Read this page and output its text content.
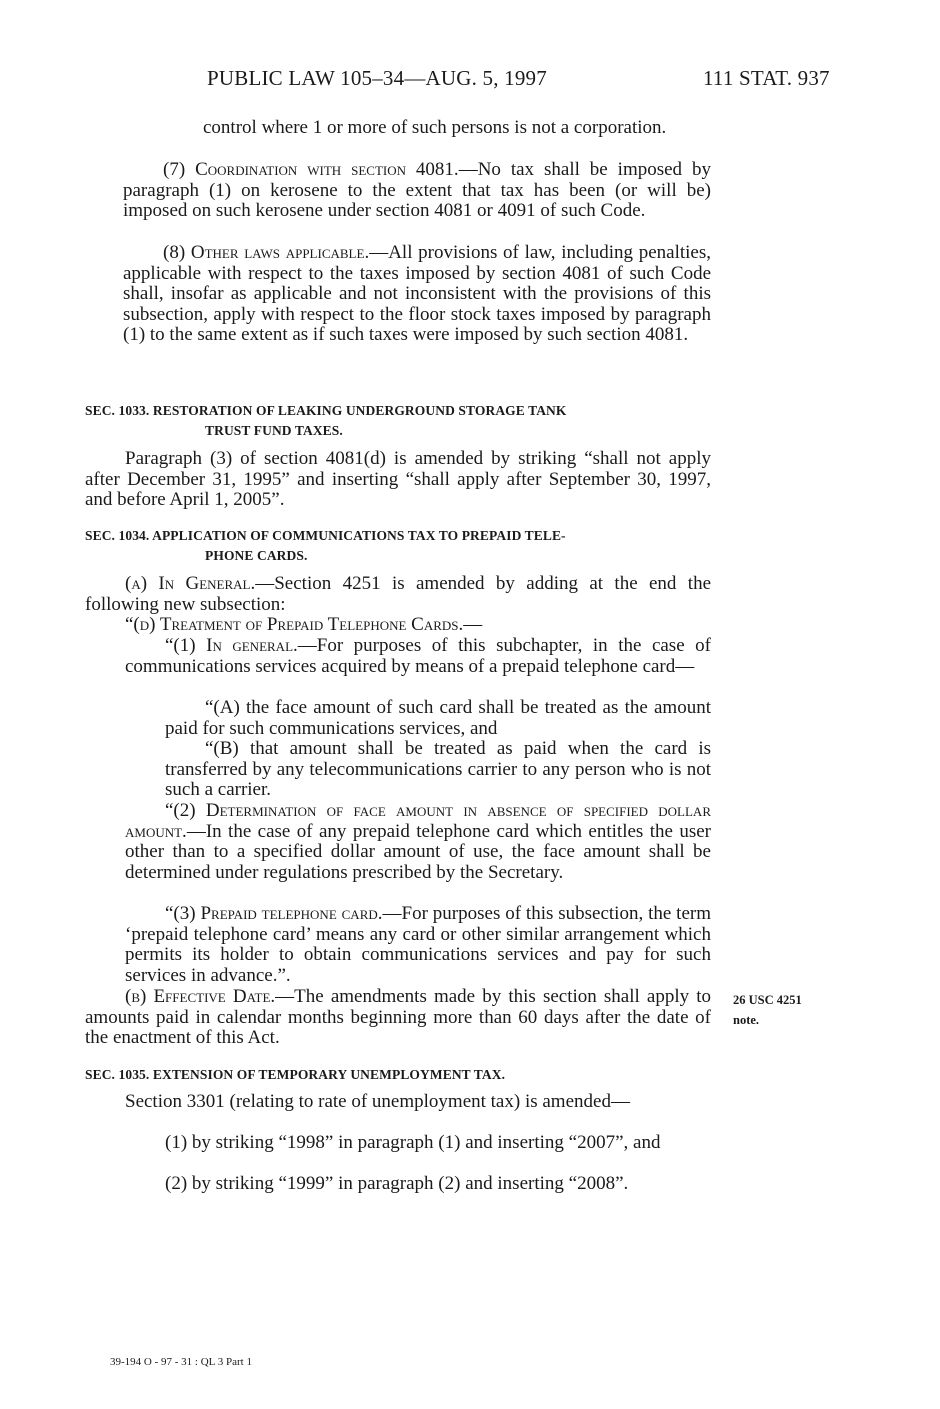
PUBLIC LAW 105–34—AUG. 5, 1997	111 STAT. 937
control where 1 or more of such persons is not a corporation.
(7) Coordination with section 4081.—No tax shall be imposed by paragraph (1) on kerosene to the extent that tax has been (or will be) imposed on such kerosene under section 4081 or 4091 of such Code.
(8) Other laws applicable.—All provisions of law, including penalties, applicable with respect to the taxes imposed by section 4081 of such Code shall, insofar as applicable and not inconsistent with the provisions of this subsection, apply with respect to the floor stock taxes imposed by paragraph (1) to the same extent as if such taxes were imposed by such section 4081.
SEC. 1033. RESTORATION OF LEAKING UNDERGROUND STORAGE TANK
TRUST FUND TAXES.
Paragraph (3) of section 4081(d) is amended by striking “shall not apply after December 31, 1995” and inserting “shall apply after September 30, 1997, and before April 1, 2005”.
SEC. 1034. APPLICATION OF COMMUNICATIONS TAX TO PREPAID TELE-
PHONE CARDS.
(a) In General.—Section 4251 is amended by adding at the end the following new subsection:
“(d) Treatment of Prepaid Telephone Cards.—
“(1) In general.—For purposes of this subchapter, in the case of communications services acquired by means of a prepaid telephone card—
“(A) the face amount of such card shall be treated as the amount paid for such communications services, and
“(B) that amount shall be treated as paid when the card is transferred by any telecommunications carrier to any person who is not such a carrier.
“(2) Determination of face amount in absence of specified dollar amount.—In the case of any prepaid telephone card which entitles the user other than to a specified dollar amount of use, the face amount shall be determined under regulations prescribed by the Secretary.
“(3) Prepaid telephone card.—For purposes of this subsection, the term ‘prepaid telephone card’ means any card or other similar arrangement which permits its holder to obtain communications services and pay for such services in advance.”.
(b) Effective Date.—The amendments made by this section shall apply to amounts paid in calendar months beginning more than 60 days after the date of the enactment of this Act.
26 USC 4251
note.
SEC. 1035. EXTENSION OF TEMPORARY UNEMPLOYMENT TAX.
Section 3301 (relating to rate of unemployment tax) is amended—
(1) by striking “1998” in paragraph (1) and inserting “2007”, and
(2) by striking “1999” in paragraph (2) and inserting “2008”.
39-194 O - 97 - 31 : QL 3 Part 1
